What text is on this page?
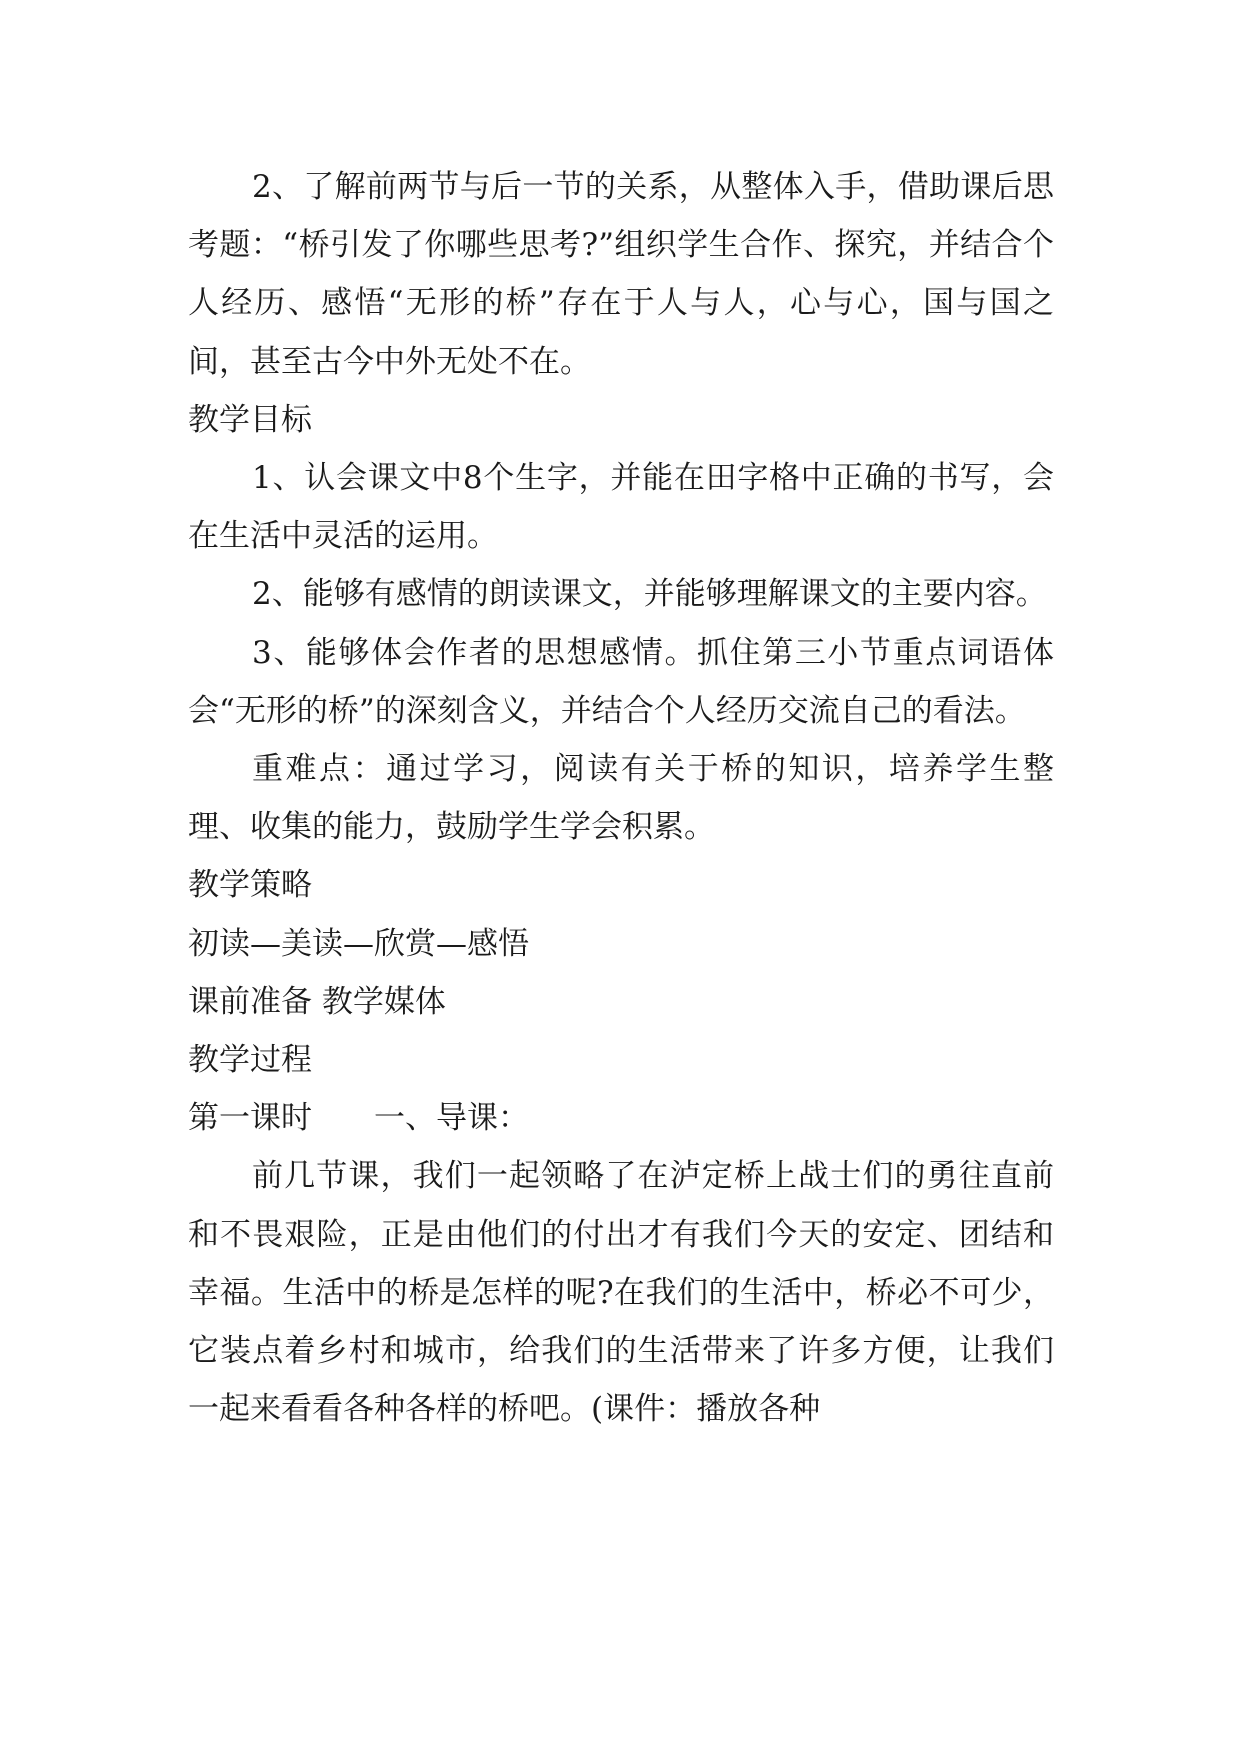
2、了解前两节与后一节的关系，从整体入手，借助课后思考题：“桥引发了你哪些思考?”组织学生合作、探究，并结合个人经历、感悟“无形的桥”存在于人与人，心与心，国与国之间，甚至古今中外无处不在。

教学目标

1、认会课文中8个生字，并能在田字格中正确的书写，会在生活中灵活的运用。

2、能够有感情的朗读课文，并能够理解课文的主要内容。

3、能够体会作者的思想感情。抓住第三小节重点词语体会“无形的桥”的深刻含义，并结合个人经历交流自己的看法。

重难点：通过学习，阅读有关于桥的知识，培养学生整理、收集的能力，鼓励学生学会积累。

教学策略

初读—美读—欣赏—感悟

课前准备 教学媒体

教学过程

第一课时　　一、导课：

前几节课，我们一起领略了在泸定桥上战士们的勇往直前和不畏艰险，正是由他们的付出才有我们今天的安定、团结和幸福。生活中的桥是怎样的呢?在我们的生活中，桥必不可少，它装点着乡村和城市，给我们的生活带来了许多方便，让我们一起来看看各种各样的桥吧。(课件：播放各种
